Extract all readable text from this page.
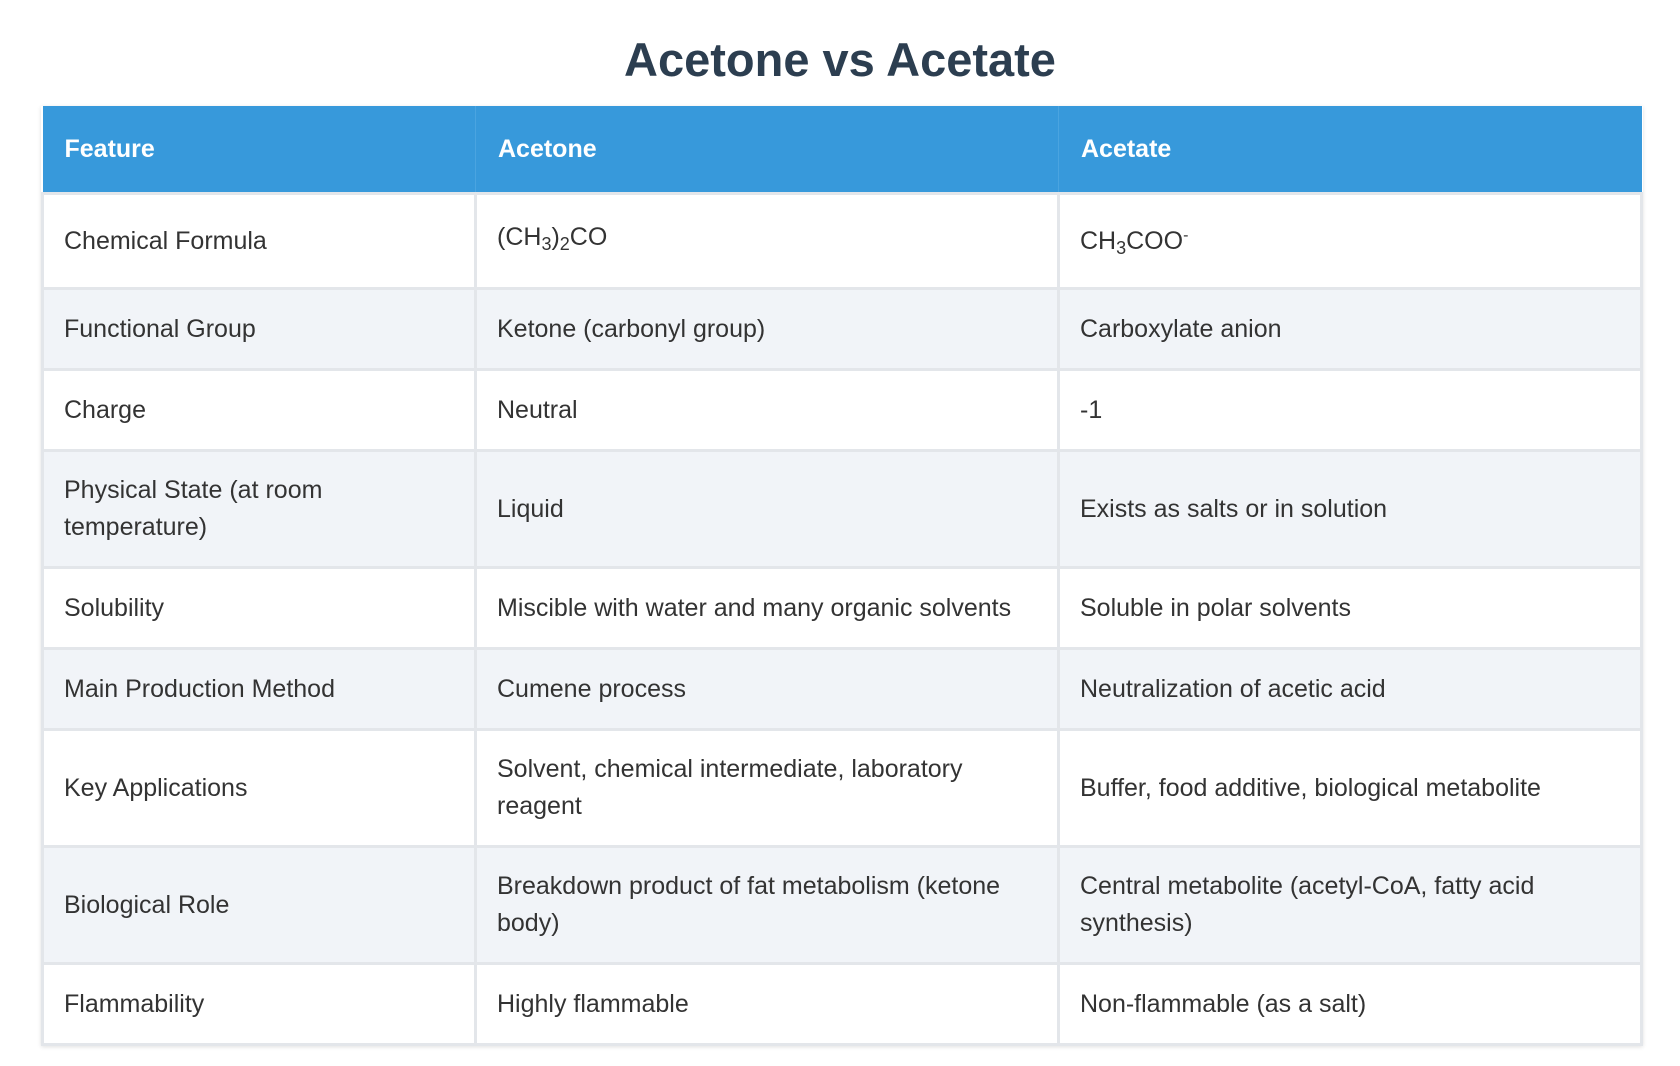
Acetone vs Acetate
Feature	Acetone	Acetate
Chemical Formula	$(CH_3)_2CO$	$CH_3COO^-$
Functional Group	Ketone (carbonyl group)	Carboxylate anion
Charge	Neutral	-1
Physical State (at room temperature)	Liquid	Exists as salts or in solution
Solubility	Miscible with water and many organic solvents	Soluble in polar solvents
Main Production Method	Cumene process	Neutralization of acetic acid
Key Applications	Solvent, chemical intermediate, laboratory reagent	Buffer, food additive, biological metabolite
Biological Role	Breakdown product of fat metabolism (ketone body)	Central metabolite (acetyl-CoA, fatty acid synthesis)
Flammability	Highly flammable	Non-flammable (as a salt)
